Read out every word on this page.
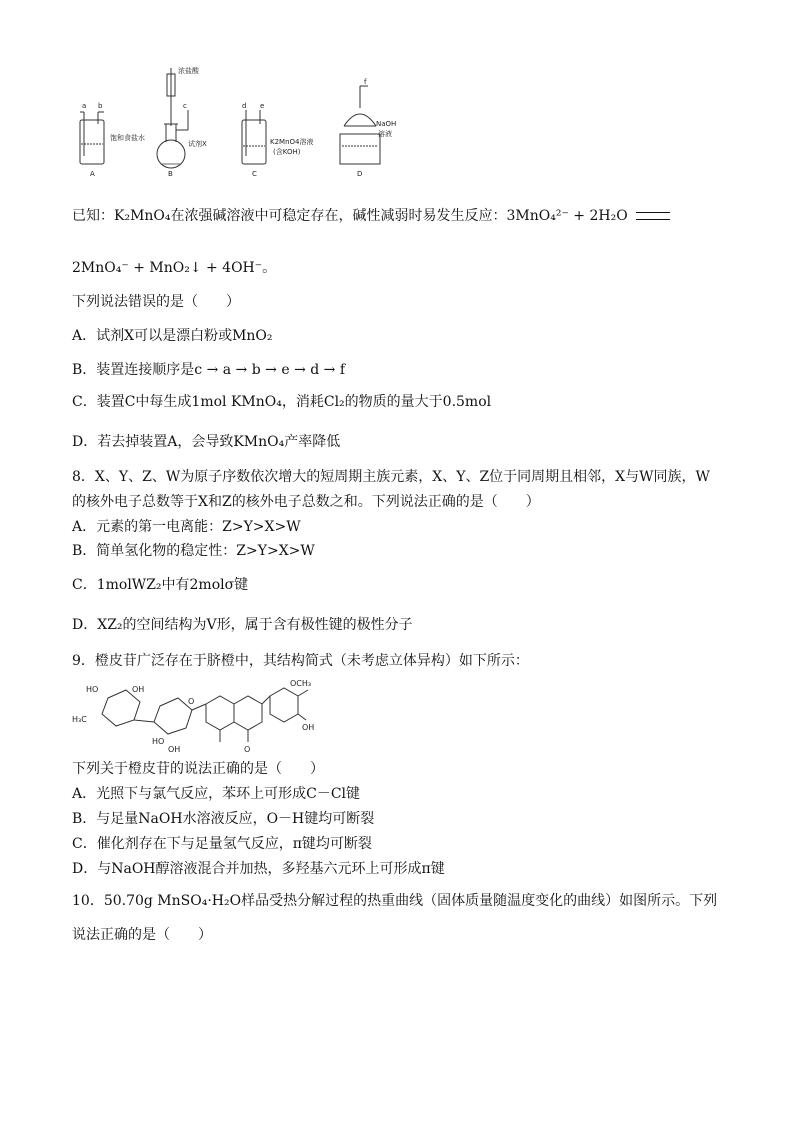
浓盐酸
a b	c	d e
f
饱和食盐水
试剂X	K2MnO4溶液
(含KOH)
NaOH
溶液
A	B	C	D
已知：K₂MnO₄在浓强碱溶液中可稳定存在，碱性减弱时易发生反应：3MnO₄²⁻ + 2H₂O
2MnO₄⁻ + MnO₂↓ + 4OH⁻。
下列说法错误的是（　　）
A．试剂X可以是漂白粉或MnO₂
B．装置连接顺序是c → a → b → e → d → f
C．装置C中每生成1mol KMnO₄，消耗Cl₂的物质的量大于0.5mol
D．若去掉装置A，会导致KMnO₄产率降低
8．X、Y、Z、W为原子序数依次增大的短周期主族元素，X、Y、Z位于同周期且相邻，X与W同族，W
的核外电子总数等于X和Z的核外电子总数之和。下列说法正确的是（　　）
A．元素的第一电离能：Z>Y>X>W
B．简单氢化物的稳定性：Z>Y>X>W
C．1molWZ₂中有2molσ键
D．XZ₂的空间结构为V形，属于含有极性键的极性分子
9．橙皮苷广泛存在于脐橙中，其结构简式（未考虑立体异构）如下所示：
HO	OH
H₃C
O
HO
OH
OCH₃
OH
O
下列关于橙皮苷的说法正确的是（　　）
A．光照下与氯气反应，苯环上可形成C－Cl键
B．与足量NaOH水溶液反应，O－H键均可断裂
C．催化剂存在下与足量氢气反应，π键均可断裂
D．与NaOH醇溶液混合并加热，多羟基六元环上可形成π键
10．50.70g MnSO₄·H₂O样品受热分解过程的热重曲线（固体质量随温度变化的曲线）如图所示。下列
说法正确的是（　　）
